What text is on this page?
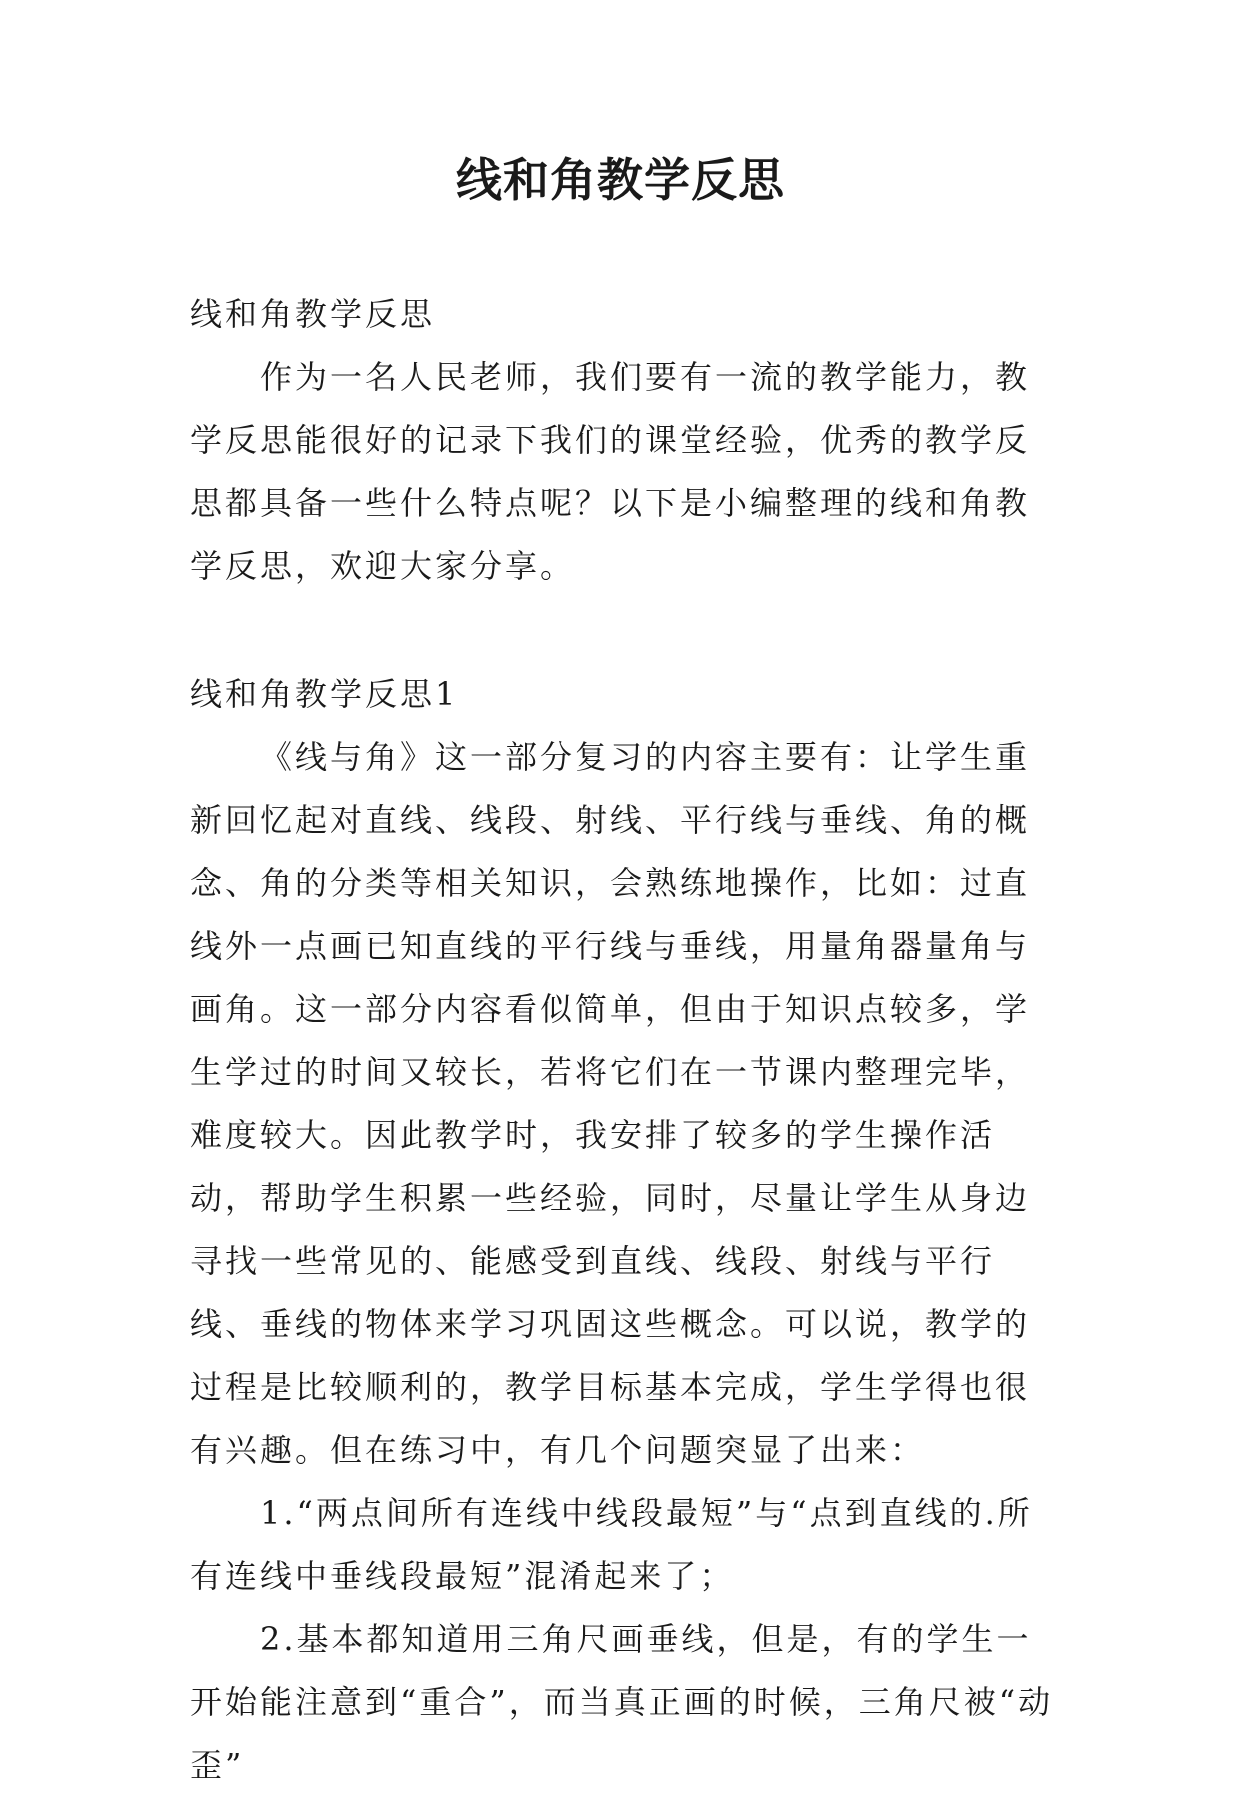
线和角教学反思

线和角教学反思

作为一名人民老师，我们要有一流的教学能力，教学反思能很好的记录下我们的课堂经验，优秀的教学反思都具备一些什么特点呢？以下是小编整理的线和角教学反思，欢迎大家分享。

线和角教学反思1

《线与角》这一部分复习的内容主要有：让学生重新回忆起对直线、线段、射线、平行线与垂线、角的概念、角的分类等相关知识，会熟练地操作，比如：过直线外一点画已知直线的平行线与垂线，用量角器量角与画角。这一部分内容看似简单，但由于知识点较多，学生学过的时间又较长，若将它们在一节课内整理完毕，难度较大。因此教学时，我安排了较多的学生操作活动，帮助学生积累一些经验，同时，尽量让学生从身边寻找一些常见的、能感受到直线、线段、射线与平行线、垂线的物体来学习巩固这些概念。可以说，教学的过程是比较顺利的，教学目标基本完成，学生学得也很有兴趣。但在练习中，有几个问题突显了出来：

1.“两点间所有连线中线段最短”与“点到直线的.所有连线中垂线段最短”混淆起来了；

2.基本都知道用三角尺画垂线，但是，有的学生一开始能注意到“重合”，而当真正画的时候，三角尺被“动歪”
